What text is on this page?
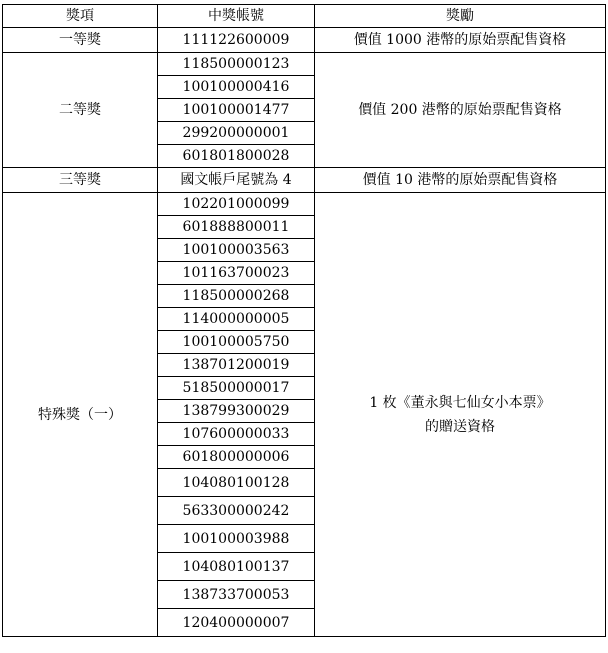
獎項	中獎帳號	獎勵
一等獎	111122600009	價值 1000 港幣的原始票配售資格

二等獎	118500000123	價值 200 港幣的原始票配售資格

	100100000416	
	100100001477	
	299200000001	
	601801800028	
三等獎	國文帳戶尾號為 4	價值 10 港幣的原始票配售資格

特殊獎（一）	102201000099	1 枚《董永與七仙女小本票》
的贈送資格

	601888800011	
	100100003563	
	101163700023	
	118500000268	
	114000000005	
	100100005750	
	138701200019	
	518500000017	
	138799300029	
	107600000033	
	601800000006	
	104080100128	
	563300000242	
	100100003988	
	104080100137	
	138733700053	
	120400000007	
